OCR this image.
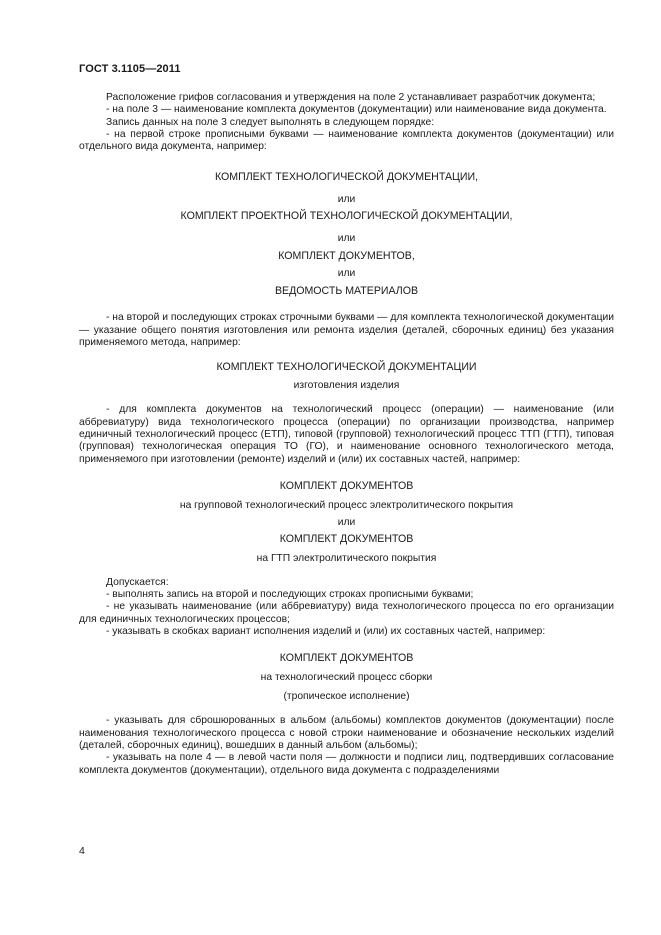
ГОСТ 3.1105—2011

Расположение грифов согласования и утверждения на поле 2 устанавливает разработчик документа;

- на поле 3 — наименование комплекта документов (документации) или наименование вида документа.

Запись данных на поле 3 следует выполнять в следующем порядке:

- на первой строке прописными буквами — наименование комплекта документов (документации) или отдельного вида документа, например:

КОМПЛЕКТ ТЕХНОЛОГИЧЕСКОЙ ДОКУМЕНТАЦИИ,

или

КОМПЛЕКТ ПРОЕКТНОЙ ТЕХНОЛОГИЧЕСКОЙ ДОКУМЕНТАЦИИ,

или

КОМПЛЕКТ ДОКУМЕНТОВ,

или

ВЕДОМОСТЬ МАТЕРИАЛОВ

- на второй и последующих строках строчными буквами — для комплекта технологической документации — указание общего понятия изготовления или ремонта изделия (деталей, сборочных единиц) без указания применяемого метода, например:

КОМПЛЕКТ ТЕХНОЛОГИЧЕСКОЙ ДОКУМЕНТАЦИИ

изготовления изделия

- для комплекта документов на технологический процесс (операции) — наименование (или аббревиатуру) вида технологического процесса (операции) по организации производства, например единичный технологический процесс (ЕТП), типовой (групповой) технологический процесс ТТП (ГТП), типовая (групповая) технологическая операция ТО (ГО), и наименование основного технологического метода, применяемого при изготовлении (ремонте) изделий и (или) их составных частей, например:

КОМПЛЕКТ ДОКУМЕНТОВ

на групповой технологический процесс электролитического покрытия

или

КОМПЛЕКТ ДОКУМЕНТОВ

на ГТП электролитического покрытия

Допускается:

- выполнять запись на второй и последующих строках прописными буквами;

- не указывать наименование (или аббревиатуру) вида технологического процесса по его организации для единичных технологических процессов;

- указывать в скобках вариант исполнения изделий и (или) их составных частей, например:

КОМПЛЕКТ ДОКУМЕНТОВ

на технологический процесс сборки

(тропическое исполнение)

- указывать для сброшюрованных в альбом (альбомы) комплектов документов (документации) после наименования технологического процесса с новой строки наименование и обозначение нескольких изделий (деталей, сборочных единиц), вошедших в данный альбом (альбомы);

- указывать на поле 4 — в левой части поля — должности и подписи лиц, подтвердивших согласование комплекта документов (документации), отдельного вида документа с подразделениями

4
